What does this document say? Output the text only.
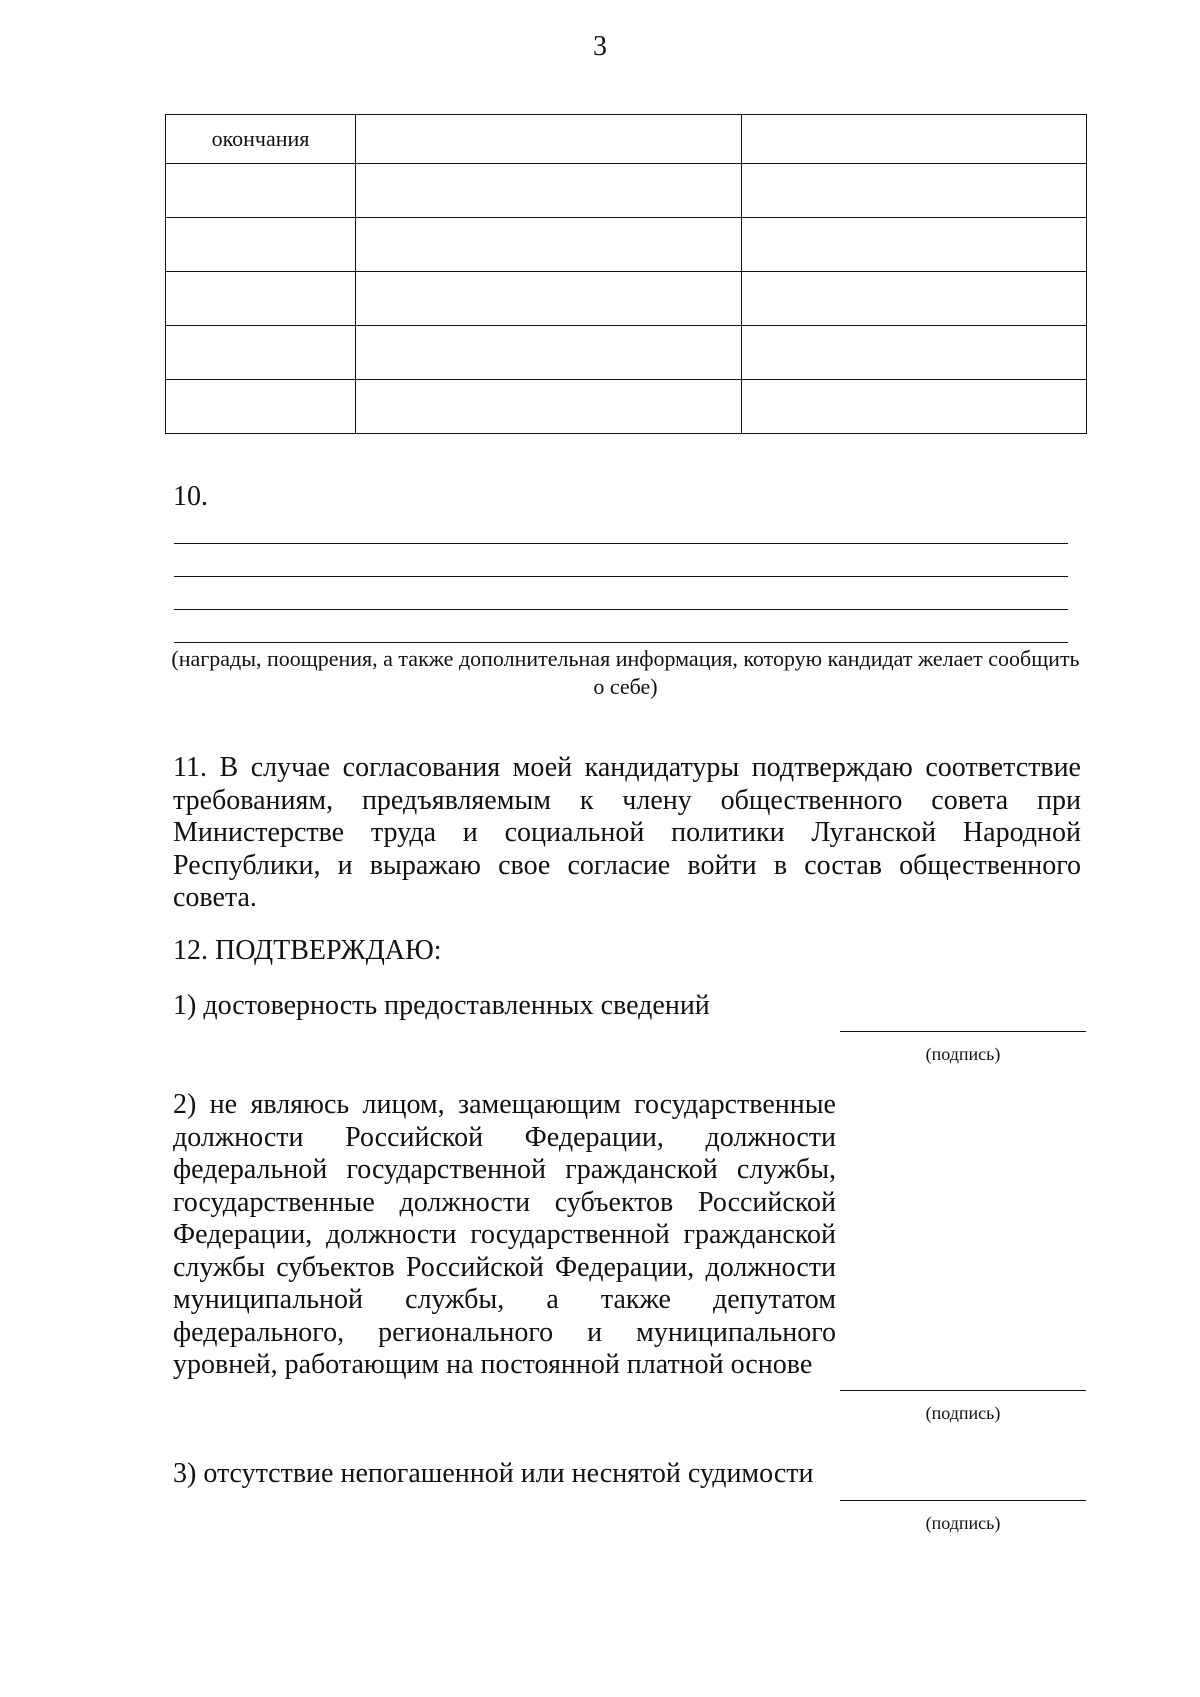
3
окончания		

10.
(награды, поощрения, а также дополнительная информация, которую кандидат желает сообщить о себе)
11. В случае согласования моей кандидатуры подтверждаю соответствие требованиям, предъявляемым к члену общественного совета при Министерстве труда и социальной политики Луганской Народной Республики, и выражаю свое согласие войти в состав общественного совета.
12. ПОДТВЕРЖДАЮ:
1) достоверность предоставленных сведений
(подпись)
2) не являюсь лицом, замещающим государственные должности Российской Федерации, должности федеральной государственной гражданской службы, государственные должности субъектов Российской Федерации, должности государственной гражданской службы субъектов Российской Федерации, должности муниципальной службы, а также депутатом федерального, регионального и муниципального уровней, работающим на постоянной платной основе
(подпись)
3) отсутствие непогашенной или неснятой судимости
(подпись)
